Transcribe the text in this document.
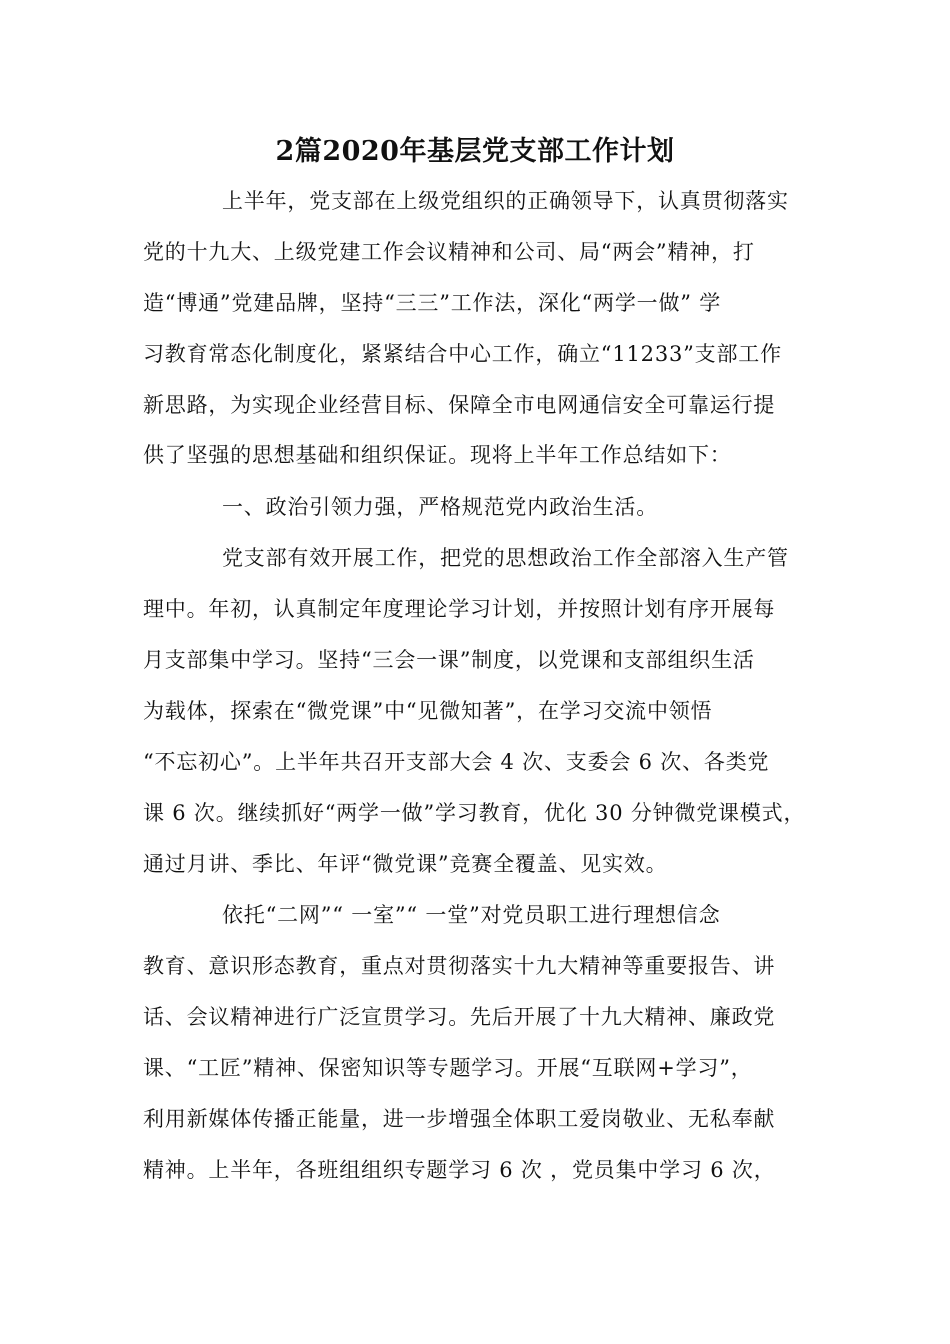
2篇2020年基层党支部工作计划
上半年，党支部在上级党组织的正确领导下，认真贯彻落实
党的十九大、上级党建工作会议精神和公司、局“两会”精神，打
造“博通”党建品牌，坚持“三三”工作法，深化“两学一做” 学
习教育常态化制度化，紧紧结合中心工作，确立“11233”支部工作
新思路，为实现企业经营目标、保障全市电网通信安全可靠运行提
供了坚强的思想基础和组织保证。现将上半年工作总结如下：
一、政治引领力强，严格规范党内政治生活。
党支部有效开展工作，把党的思想政治工作全部溶入生产管
理中。年初，认真制定年度理论学习计划，并按照计划有序开展每
月支部集中学习。坚持“三会一课”制度，以党课和支部组织生活
为载体，探索在“微党课”中“见微知著”，在学习交流中领悟
“不忘初心”。上半年共召开支部大会 4 次、支委会 6 次、各类党
课 6 次。继续抓好“两学一做”学习教育，优化 30 分钟微党课模式，
通过月讲、季比、年评“微党课”竞赛全覆盖、见实效。
依托“二网”“ 一室”“ 一堂”对党员职工进行理想信念
教育、意识形态教育，重点对贯彻落实十九大精神等重要报告、讲
话、会议精神进行广泛宣贯学习。先后开展了十九大精神、廉政党
课、“工匠”精神、保密知识等专题学习。开展“互联网+学习”，
利用新媒体传播正能量，进一步增强全体职工爱岗敬业、无私奉献
精神。上半年，各班组组织专题学习 6 次 ，党员集中学习 6 次，
